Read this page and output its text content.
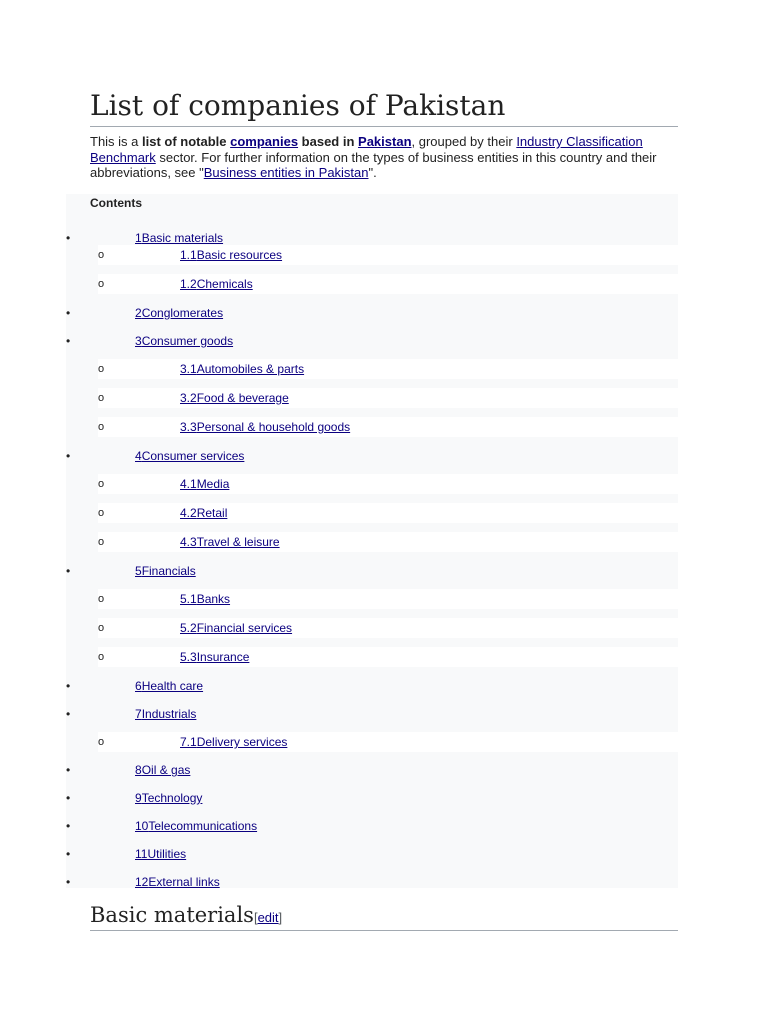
List of companies of Pakistan

This is a list of notable companies based in Pakistan, grouped by their Industry Classification Benchmark sector. For further information on the types of business entities in this country and their abbreviations, see "Business entities in Pakistan".

Contents
•	1Basic materials
o	1.1Basic resources
o	1.2Chemicals
•	2Conglomerates
•	3Consumer goods
o	3.1Automobiles & parts
o	3.2Food & beverage
o	3.3Personal & household goods
•	4Consumer services
o	4.1Media
o	4.2Retail
o	4.3Travel & leisure
•	5Financials
o	5.1Banks
o	5.2Financial services
o	5.3Insurance
•	6Health care
•	7Industrials
o	7.1Delivery services
•	8Oil & gas
•	9Technology
•	10Telecommunications
•	11Utilities
•	12External links
Basic materials[edit]
